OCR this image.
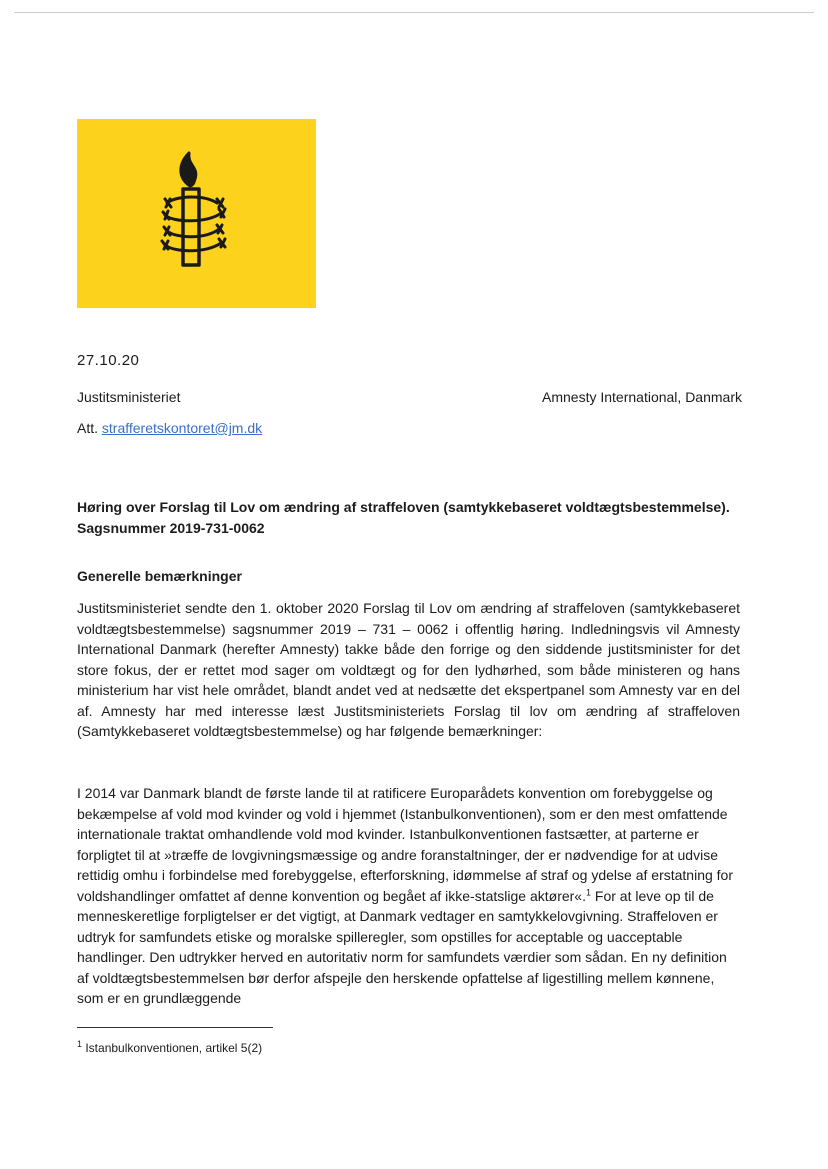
27.10.20

Justitsministeriet	Amnesty International, Danmark

Att. strafferetskontoret@jm.dk

Høring over Forslag til Lov om ændring af straffeloven (samtykkebaseret voldtægtsbestemmelse).
Sagsnummer 2019-731-0062

Generelle bemærkninger

Justitsministeriet sendte den 1. oktober 2020 Forslag til Lov om ændring af straffeloven (samtykkebaseret voldtægtsbestemmelse) sagsnummer 2019 – 731 – 0062 i offentlig høring. Indledningsvis vil Amnesty International Danmark (herefter Amnesty) takke både den forrige og den siddende justitsminister for det store fokus, der er rettet mod sager om voldtægt og for den lydhørhed, som både ministeren og hans ministerium har vist hele området, blandt andet ved at nedsætte det ekspertpanel som Amnesty var en del af. Amnesty har med interesse læst Justitsministeriets Forslag til lov om ændring af straffeloven (Samtykkebaseret voldtægtsbestemmelse) og har følgende bemærkninger:

I 2014 var Danmark blandt de første lande til at ratificere Europarådets konvention om forebyggelse og bekæmpelse af vold mod kvinder og vold i hjemmet (Istanbulkonventionen), som er den mest omfattende internationale traktat omhandlende vold mod kvinder. Istanbulkonventionen fastsætter, at parterne er forpligtet til at »træffe de lovgivningsmæssige og andre foranstaltninger, der er nødvendige for at udvise rettidig omhu i forbindelse med forebyggelse, efterforskning, idømmelse af straf og ydelse af erstatning for voldshandlinger omfattet af denne konvention og begået af ikke-statslige aktører«.$^1$ For at leve op til de menneskeretlige forpligtelser er det vigtigt, at Danmark vedtager en samtykkelovgivning. Straffeloven er udtryk for samfundets etiske og moralske spilleregler, som opstilles for acceptable og uacceptable handlinger. Den udtrykker herved en autoritativ norm for samfundets værdier som sådan. En ny definition af voldtægtsbestemmelsen bør derfor afspejle den herskende opfattelse af ligestilling mellem kønnene, som er en grundlæggende

$^1$ Istanbulkonventionen, artikel 5(2)
